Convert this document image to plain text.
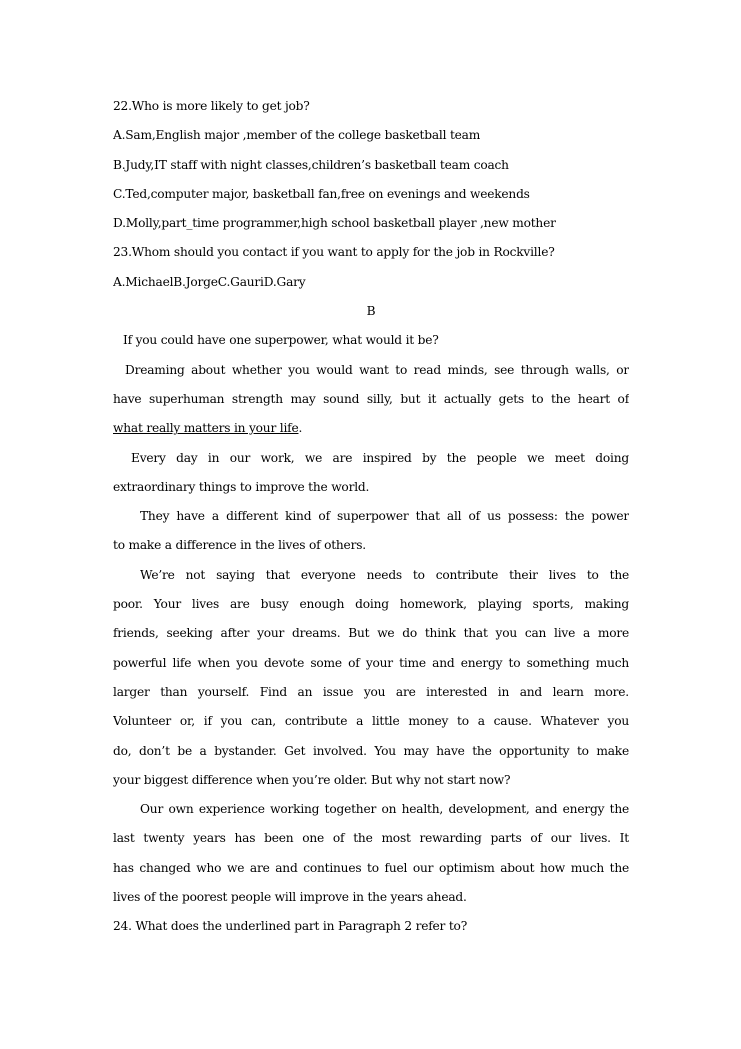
22.Who is more likely to get job?
A.Sam,English major ,member of the college basketball team
B.Judy,IT staff with night classes,children’s basketball team coach
C.Ted,computer major, basketball fan,free on evenings and weekends
D.Molly,part_time programmer,high school basketball player ,new mother
23.Whom should you contact if you want to apply for the job in Rockville?
A.MichaelB.JorgeC.GauriD.Gary
B
If you could have one superpower, what would it be?
Dreaming about whether you would want to read minds, see through walls, or
have superhuman strength may sound silly, but it actually gets to the heart of
what really matters in your life.
Every day in our work, we are inspired by the people we meet doing
extraordinary things to improve the world.
They have a different kind of superpower that all of us possess: the power
to make a difference in the lives of others.
We’re not saying that everyone needs to contribute their lives to the
poor. Your lives are busy enough doing homework, playing sports, making
friends, seeking after your dreams. But we do think that you can live a more
powerful life when you devote some of your time and energy to something much
larger than yourself. Find an issue you are interested in and learn more.
Volunteer or, if you can, contribute a little money to a cause. Whatever you
do, don’t be a bystander. Get involved. You may have the opportunity to make
your biggest difference when you’re older. But why not start now?
Our own experience working together on health, development, and energy the
last twenty years has been one of the most rewarding parts of our lives. It
has changed who we are and continues to fuel our optimism about how much the
lives of the poorest people will improve in the years ahead.
24. What does the underlined part in Paragraph 2 refer to?
